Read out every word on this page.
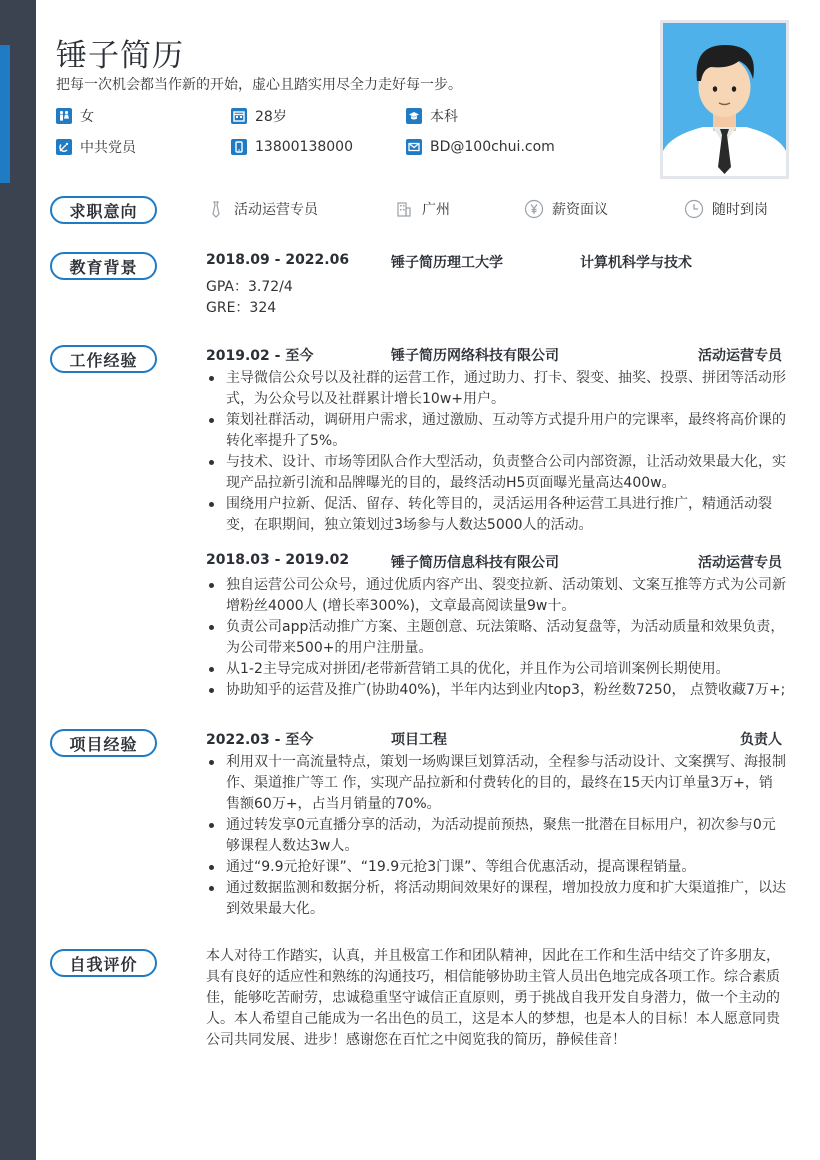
锤子简历
把每一次机会都当作新的开始，虚心且踏实用尽全力走好每一步。
女	28岁	本科
中共党员	13800138000	BD@100chui.com
求职意向	活动运营专员	广州	薪资面议	随时到岗
教育背景	2018.09 - 2022.06	锤子简历理工大学	计算机科学与技术
GPA：3.72/4
GRE：324
工作经验	2019.02 - 至今	锤子简历网络科技有限公司	活动运营专员
主导微信公众号以及社群的运营工作，通过助力、打卡、裂变、抽奖、投票、拼团等活动形式，为公众号以及社群累计增长10w+用户。
策划社群活动，调研用户需求，通过激励、互动等方式提升用户的完课率，最终将高价课的转化率提升了5%。
与技术、设计、市场等团队合作大型活动，负责整合公司内部资源，让活动效果最大化，实现产品拉新引流和品牌曝光的目的，最终活动H5页面曝光量高达400w。
围绕用户拉新、促活、留存、转化等目的，灵活运用各种运营工具进行推广，精通活动裂变，在职期间，独立策划过3场参与人数达5000人的活动。
2018.03 - 2019.02	锤子简历信息科技有限公司	活动运营专员
独自运营公司公众号，通过优质内容产出、裂变拉新、活动策划、文案互推等方式为公司新增粉丝4000人 (增长率300%)，文章最高阅读量9w十。
负责公司app活动推广方案、主题创意、玩法策略、活动复盘等，为活动质量和效果负责，为公司带来500+的用户注册量。
从1-2主导完成对拼团/老带新营销工具的优化，并且作为公司培训案例长期使用。
协助知乎的运营及推广(协助40%)，半年内达到业内top3，粉丝数7250， 点赞收藏7万+;
项目经验	2022.03 - 至今	项目工程	负责人
利用双十一高流量特点，策划一场购课巨划算活动，全程参与活动设计、文案撰写、海报制作、渠道推广等工 作，实现产品拉新和付费转化的目的，最终在15天内订单量3万+，销售额60万+，占当月销量的70%。
通过转发享0元直播分享的活动，为活动提前预热，聚焦一批潜在目标用户，初次参与0元够课程人数达3w人。
通过“9.9元抢好课”、“19.9元抢3门课”、等组合优惠活动，提高课程销量。
通过数据监测和数据分析，将活动期间效果好的课程，增加投放力度和扩大渠道推广，以达到效果最大化。
自我评价	本人对待工作踏实，认真，并且极富工作和团队精神，因此在工作和生活中结交了许多朋友，具有良好的适应性和熟练的沟通技巧，相信能够协助主管人员出色地完成各项工作。综合素质佳，能够吃苦耐劳，忠诚稳重坚守诚信正直原则，勇于挑战自我开发自身潜力，做一个主动的人。本人希望自己能成为一名出色的员工，这是本人的梦想，也是本人的目标！本人愿意同贵公司共同发展、进步！感谢您在百忙之中阅览我的简历，静候佳音！
